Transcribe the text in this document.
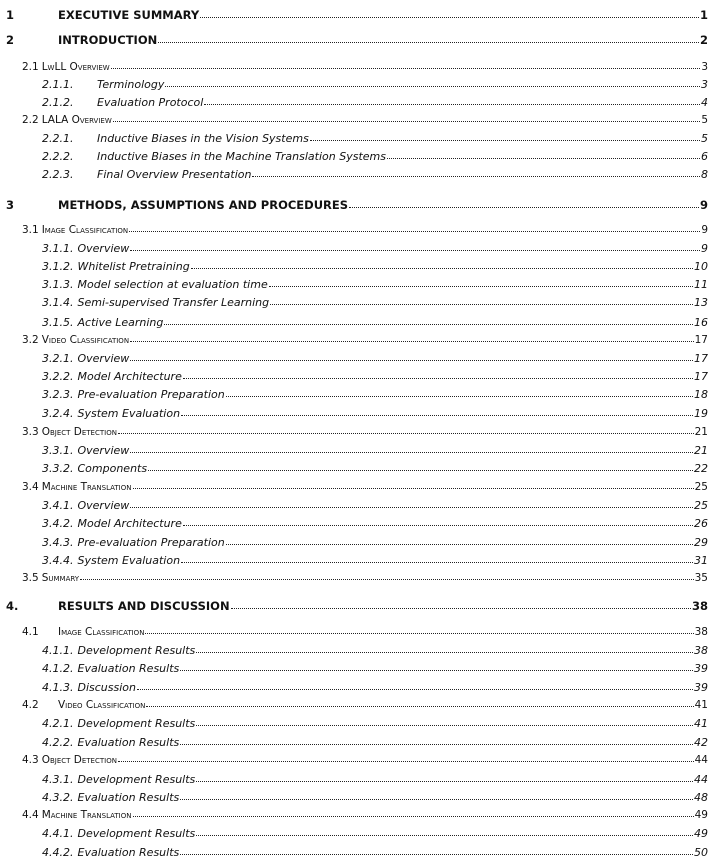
1	EXECUTIVE SUMMARY	1
2	INTRODUCTION	2
2.1 LwLL Overview	3
2.1.1.	Terminology	3
2.1.2.	Evaluation Protocol	4
2.2 LALA Overview	5
2.2.1.	Inductive Biases in the Vision Systems	5
2.2.2.	Inductive Biases in the Machine Translation Systems	6
2.2.3.	Final Overview Presentation	8
3	METHODS, ASSUMPTIONS AND PROCEDURES	9
3.1 Image Classification	9
3.1.1. Overview	9
3.1.2. Whitelist Pretraining	10
3.1.3. Model selection at evaluation time	11
3.1.4. Semi-supervised Transfer Learning	13
3.1.5. Active Learning	16
3.2 Video Classification	17
3.2.1. Overview	17
3.2.2. Model Architecture	17
3.2.3. Pre-evaluation Preparation	18
3.2.4. System Evaluation	19
3.3 Object Detection	21
3.3.1. Overview	21
3.3.2. Components	22
3.4 Machine Translation	25
3.4.1. Overview	25
3.4.2. Model Architecture	26
3.4.3. Pre-evaluation Preparation	29
3.4.4. System Evaluation	31
3.5 Summary	35
4.	RESULTS AND DISCUSSION	38
4.1	Image Classification	38
4.1.1. Development Results	38
4.1.2. Evaluation Results	39
4.1.3. Discussion	39
4.2	Video Classification	41
4.2.1. Development Results	41
4.2.2. Evaluation Results	42
4.3 Object Detection	44
4.3.1. Development Results	44
4.3.2. Evaluation Results	48
4.4 Machine Translation	49
4.4.1. Development Results	49
4.4.2. Evaluation Results	50
